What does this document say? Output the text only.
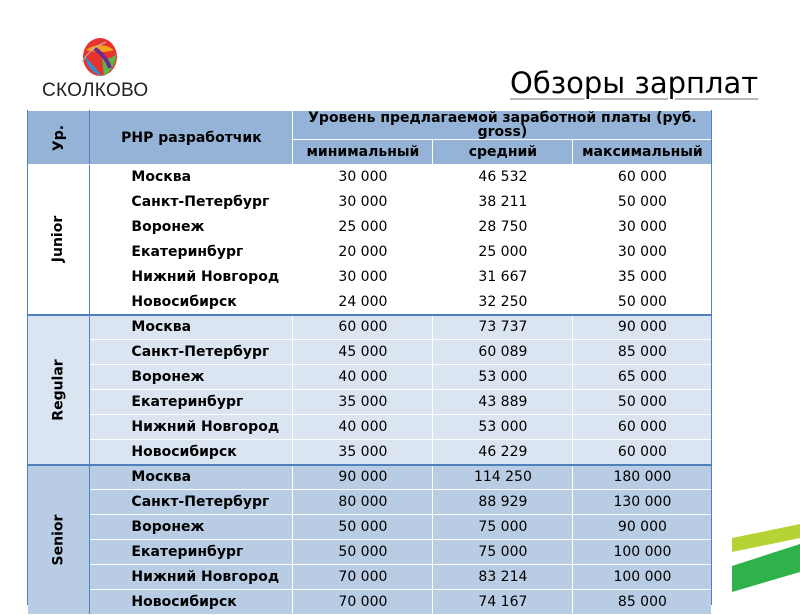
СКОЛКОВО	Обзоры зарплат
Ур.	PHP разработчик	Уровень предлагаемой заработной платы (руб. gross)		
		минимальный	средний	максимальный
Junior	Москва	30 000	46 532	60 000
	Санкт-Петербург	30 000	38 211	50 000
	Воронеж	25 000	28 750	30 000
	Екатеринбург	20 000	25 000	30 000
	Нижний Новгород	30 000	31 667	35 000
	Новосибирск	24 000	32 250	50 000
Regular	Москва	60 000	73 737	90 000
	Санкт-Петербург	45 000	60 089	85 000
	Воронеж	40 000	53 000	65 000
	Екатеринбург	35 000	43 889	50 000
	Нижний Новгород	40 000	53 000	60 000
	Новосибирск	35 000	46 229	60 000
Senior	Москва	90 000	114 250	180 000
	Санкт-Петербург	80 000	88 929	130 000
	Воронеж	50 000	75 000	90 000
	Екатеринбург	50 000	75 000	100 000
	Нижний Новгород	70 000	83 214	100 000
	Новосибирск	70 000	74 167	85 000
